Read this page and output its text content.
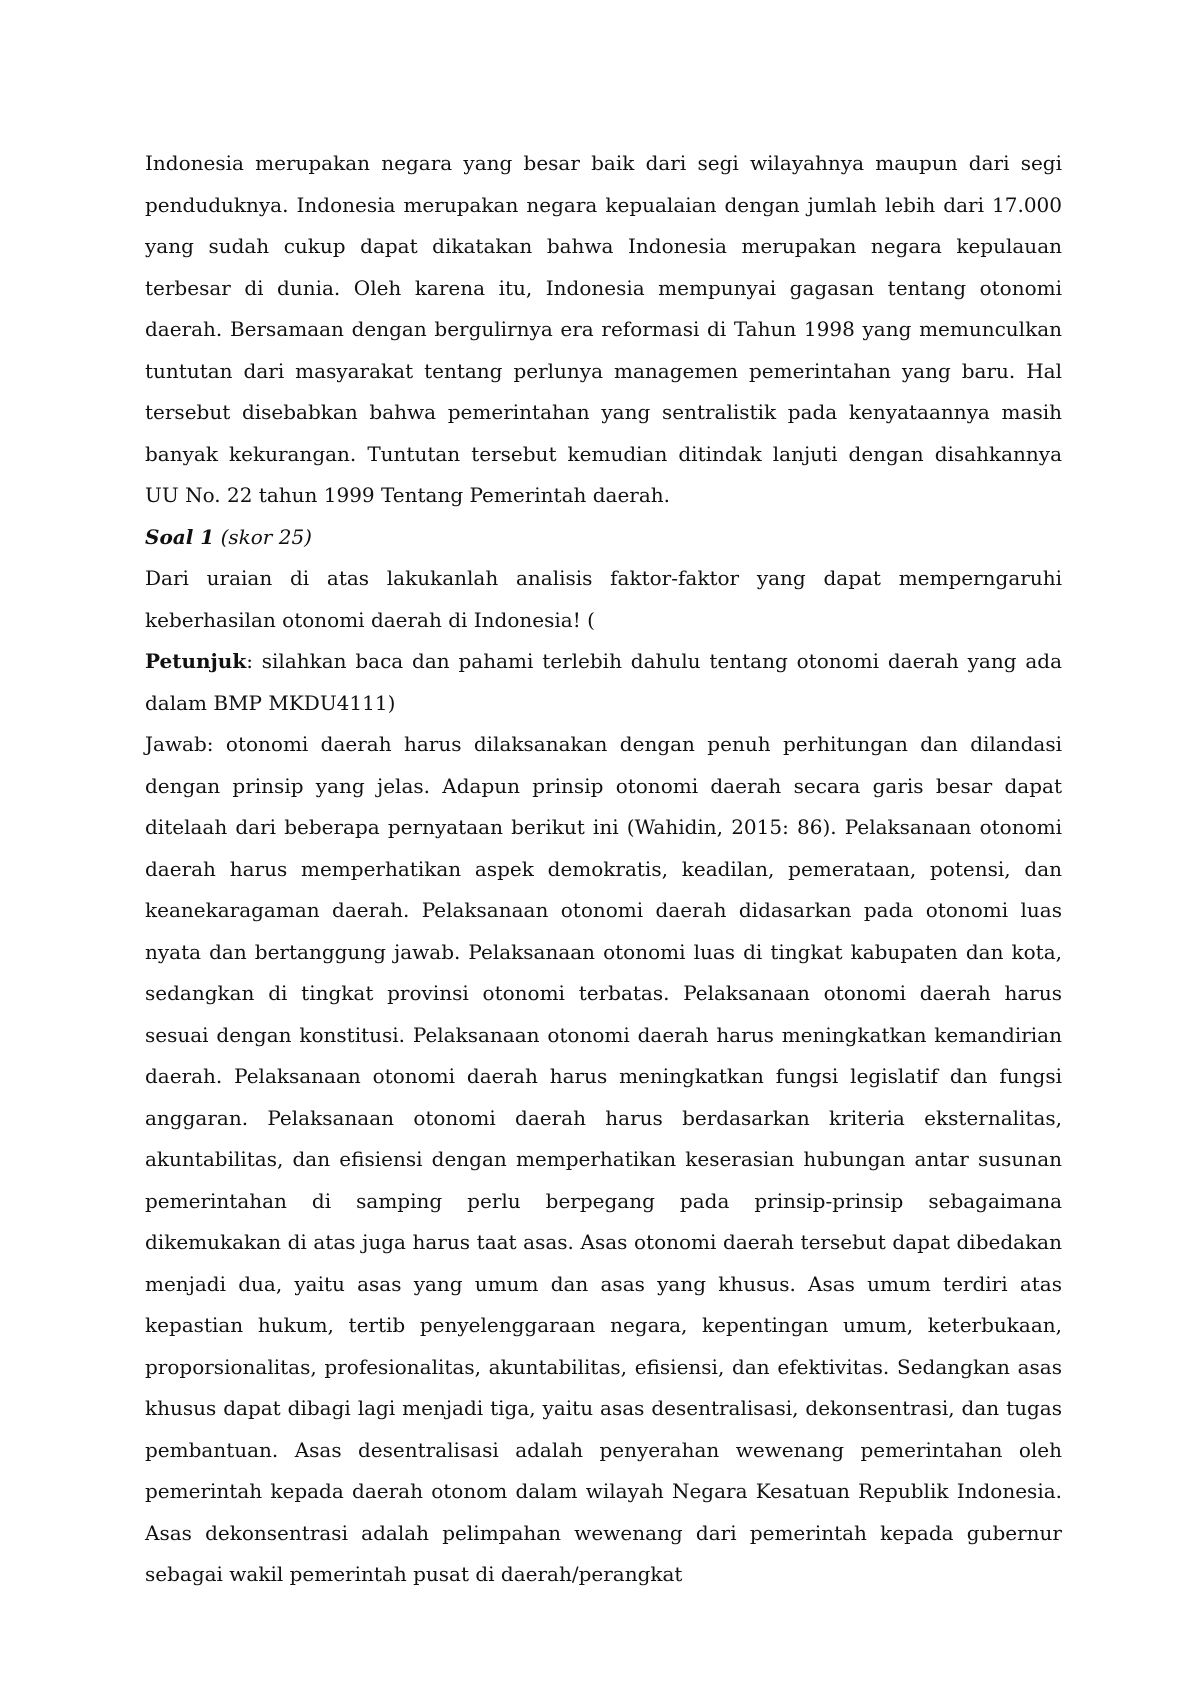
Indonesia merupakan negara yang besar baik dari segi wilayahnya maupun dari segi penduduknya. Indonesia merupakan negara kepualaian dengan jumlah lebih dari 17.000 yang sudah cukup dapat dikatakan bahwa Indonesia merupakan negara kepulauan terbesar di dunia. Oleh karena itu, Indonesia mempunyai gagasan tentang otonomi daerah. Bersamaan dengan bergulirnya era reformasi di Tahun 1998 yang memunculkan tuntutan dari masyarakat tentang perlunya managemen pemerintahan yang baru. Hal tersebut disebabkan bahwa pemerintahan yang sentralistik pada kenyataannya masih banyak kekurangan. Tuntutan tersebut kemudian ditindak lanjuti dengan disahkannya UU No. 22 tahun 1999 Tentang Pemerintah daerah.

Soal 1 (skor 25)

Dari uraian di atas lakukanlah analisis faktor-faktor yang dapat memperngaruhi keberhasilan otonomi daerah di Indonesia! (

Petunjuk: silahkan baca dan pahami terlebih dahulu tentang otonomi daerah yang ada dalam BMP MKDU4111)

Jawab: otonomi daerah harus dilaksanakan dengan penuh perhitungan dan dilandasi dengan prinsip yang jelas. Adapun prinsip otonomi daerah secara garis besar dapat ditelaah dari beberapa pernyataan berikut ini (Wahidin, 2015: 86). Pelaksanaan otonomi daerah harus memperhatikan aspek demokratis, keadilan, pemerataan, potensi, dan keanekaragaman daerah. Pelaksanaan otonomi daerah didasarkan pada otonomi luas nyata dan bertanggung jawab. Pelaksanaan otonomi luas di tingkat kabupaten dan kota, sedangkan di tingkat provinsi otonomi terbatas. Pelaksanaan otonomi daerah harus sesuai dengan konstitusi. Pelaksanaan otonomi daerah harus meningkatkan kemandirian daerah. Pelaksanaan otonomi daerah harus meningkatkan fungsi legislatif dan fungsi anggaran. Pelaksanaan otonomi daerah harus berdasarkan kriteria eksternalitas, akuntabilitas, dan efisiensi dengan memperhatikan keserasian hubungan antar susunan pemerintahan di samping perlu berpegang pada prinsip-prinsip sebagaimana dikemukakan di atas juga harus taat asas. Asas otonomi daerah tersebut dapat dibedakan menjadi dua, yaitu asas yang umum dan asas yang khusus. Asas umum terdiri atas kepastian hukum, tertib penyelenggaraan negara, kepentingan umum, keterbukaan, proporsionalitas, profesionalitas, akuntabilitas, efisiensi, dan efektivitas. Sedangkan asas khusus dapat dibagi lagi menjadi tiga, yaitu asas desentralisasi, dekonsentrasi, dan tugas pembantuan. Asas desentralisasi adalah penyerahan wewenang pemerintahan oleh pemerintah kepada daerah otonom dalam wilayah Negara Kesatuan Republik Indonesia. Asas dekonsentrasi adalah pelimpahan wewenang dari pemerintah kepada gubernur sebagai wakil pemerintah pusat di daerah/perangkat
